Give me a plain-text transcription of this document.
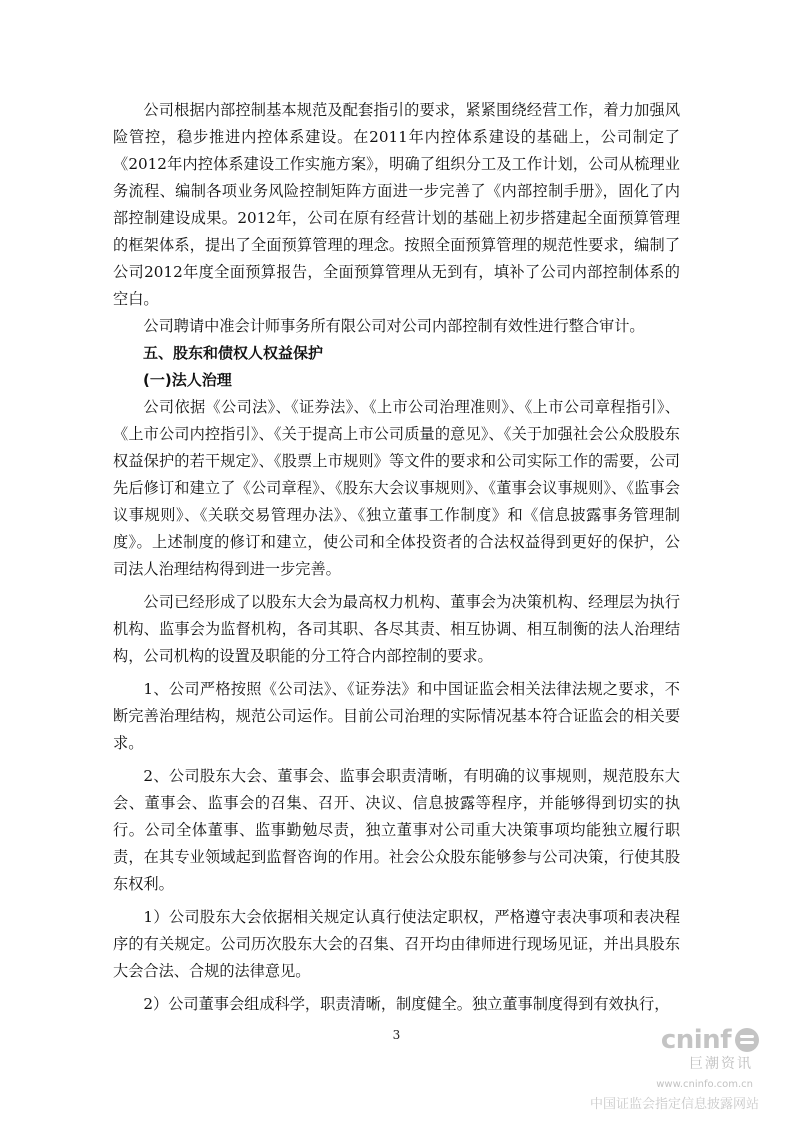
公司根据内部控制基本规范及配套指引的要求，紧紧围绕经营工作，着力加强风险管控，稳步推进内控体系建设。在2011年内控体系建设的基础上，公司制定了《2012年内控体系建设工作实施方案》，明确了组织分工及工作计划，公司从梳理业务流程、编制各项业务风险控制矩阵方面进一步完善了《内部控制手册》，固化了内部控制建设成果。2012年，公司在原有经营计划的基础上初步搭建起全面预算管理的框架体系，提出了全面预算管理的理念。按照全面预算管理的规范性要求，编制了公司2012年度全面预算报告，全面预算管理从无到有，填补了公司内部控制体系的空白。

公司聘请中准会计师事务所有限公司对公司内部控制有效性进行整合审计。

五、股东和债权人权益保护

(一)法人治理

公司依据《公司法》、《证券法》、《上市公司治理准则》、《上市公司章程指引》、《上市公司内控指引》、《关于提高上市公司质量的意见》、《关于加强社会公众股股东权益保护的若干规定》、《股票上市规则》等文件的要求和公司实际工作的需要，公司先后修订和建立了《公司章程》、《股东大会议事规则》、《董事会议事规则》、《监事会议事规则》、《关联交易管理办法》、《独立董事工作制度》和《信息披露事务管理制度》。上述制度的修订和建立，使公司和全体投资者的合法权益得到更好的保护，公司法人治理结构得到进一步完善。

公司已经形成了以股东大会为最高权力机构、董事会为决策机构、经理层为执行机构、监事会为监督机构，各司其职、各尽其责、相互协调、相互制衡的法人治理结构，公司机构的设置及职能的分工符合内部控制的要求。

1、公司严格按照《公司法》、《证券法》和中国证监会相关法律法规之要求，不断完善治理结构，规范公司运作。目前公司治理的实际情况基本符合证监会的相关要求。

2、公司股东大会、董事会、监事会职责清晰，有明确的议事规则，规范股东大会、董事会、监事会的召集、召开、决议、信息披露等程序，并能够得到切实的执行。公司全体董事、监事勤勉尽责，独立董事对公司重大决策事项均能独立履行职责，在其专业领域起到监督咨询的作用。社会公众股东能够参与公司决策，行使其股东权利。

1）公司股东大会依据相关规定认真行使法定职权，严格遵守表决事项和表决程序的有关规定。公司历次股东大会的召集、召开均由律师进行现场见证，并出具股东大会合法、合规的法律意见。

2）公司董事会组成科学，职责清晰，制度健全。独立董事制度得到有效执行，

3	cninf
巨潮资讯
www.cninfo.com.cn
中国证监会指定信息披露网站
